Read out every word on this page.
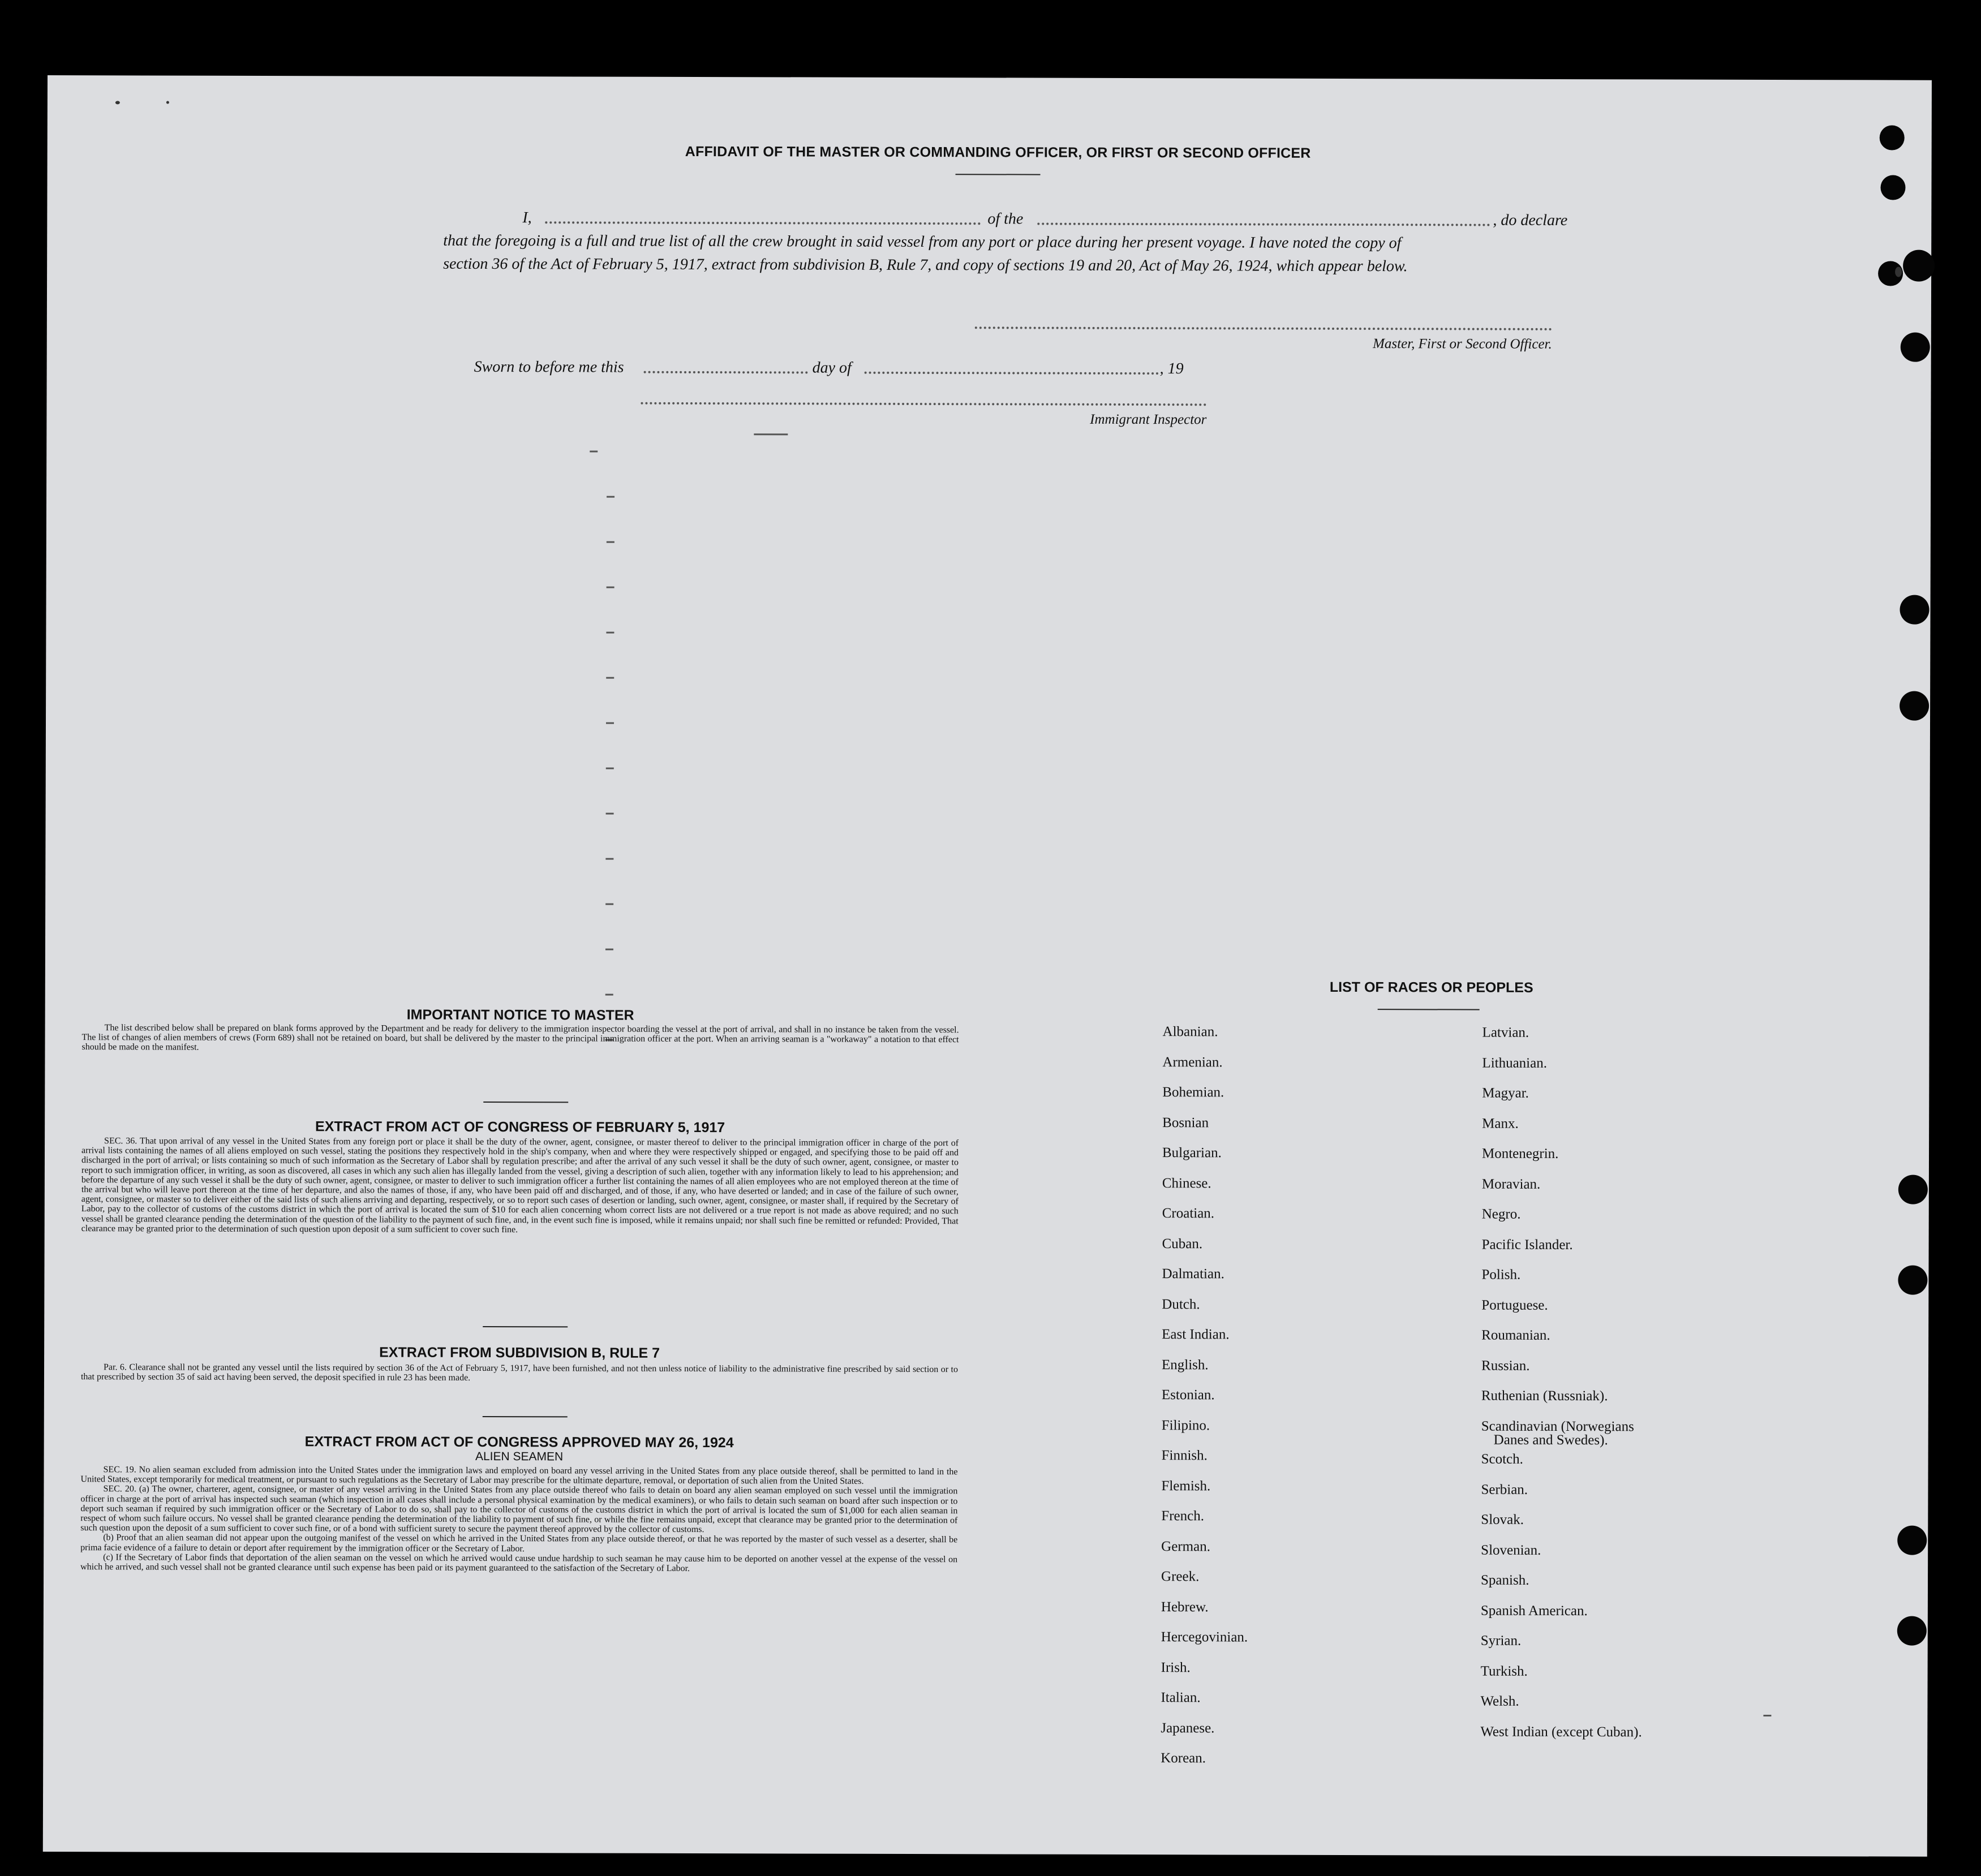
AFFIDAVIT OF THE MASTER OR COMMANDING OFFICER, OR FIRST OR SECOND OFFICER
I,	of the	, do declare
that the foregoing is a full and true list of all the crew brought in said vessel from any port or place during her present voyage. I have noted the copy of
section 36 of the Act of February 5, 1917, extract from subdivision B, Rule 7, and copy of sections 19 and 20, Act of May 26, 1924, which appear below.
Master, First or Second Officer.
Sworn to before me this	day of	, 19
Immigrant Inspector
LIST OF RACES OR PEOPLES
Albanian.
Armenian.
Bohemian.
Bosnian
Bulgarian.
Chinese.
Croatian.
Cuban.
Dalmatian.
Dutch.
East Indian.
English.
Estonian.
Filipino.
Finnish.
Flemish.
French.
German.
Greek.
Hebrew.
Hercegovinian.
Irish.
Italian.
Japanese.
Korean.
Latvian.
Lithuanian.
Magyar.
Manx.
Montenegrin.
Moravian.
Negro.
Pacific Islander.
Polish.
Portuguese.
Roumanian.
Russian.
Ruthenian (Russniak).
Scandinavian (Norwegians
Danes and Swedes).
Scotch.
Serbian.
Slovak.
Slovenian.
Spanish.
Spanish American.
Syrian.
Turkish.
Welsh.
West Indian (except Cuban).
IMPORTANT NOTICE TO MASTER
The list described below shall be prepared on blank forms approved by the Department and be ready for delivery to the immigration inspector boarding the vessel at the port of arrival, and shall in no instance be taken from the vessel. The list of changes of alien members of crews (Form 689) shall not be retained on board, but shall be delivered by the master to the principal immigration officer at the port. When an arriving seaman is a "workaway" a notation to that effect should be made on the manifest.
EXTRACT FROM ACT OF CONGRESS OF FEBRUARY 5, 1917
SEC. 36. That upon arrival of any vessel in the United States from any foreign port or place it shall be the duty of the owner, agent, consignee, or master thereof to deliver to the principal immigration officer in charge of the port of arrival lists containing the names of all aliens employed on such vessel, stating the positions they respectively hold in the ship's company, when and where they were respectively shipped or engaged, and specifying those to be paid off and discharged in the port of arrival; or lists containing so much of such information as the Secretary of Labor shall by regulation prescribe; and after the arrival of any such vessel it shall be the duty of such owner, agent, consignee, or master to report to such immigration officer, in writing, as soon as discovered, all cases in which any such alien has illegally landed from the vessel, giving a description of such alien, together with any information likely to lead to his apprehension; and before the departure of any such vessel it shall be the duty of such owner, agent, consignee, or master to deliver to such immigration officer a further list containing the names of all alien employees who are not employed thereon at the time of the arrival but who will leave port thereon at the time of her departure, and also the names of those, if any, who have been paid off and discharged, and of those, if any, who have deserted or landed; and in case of the failure of such owner, agent, consignee, or master so to deliver either of the said lists of such aliens arriving and departing, respectively, or so to report such cases of desertion or landing, such owner, agent, consignee, or master shall, if required by the Secretary of Labor, pay to the collector of customs of the customs district in which the port of arrival is located the sum of $10 for each alien concerning whom correct lists are not delivered or a true report is not made as above required; and no such vessel shall be granted clearance pending the determination of the question of the liability to the payment of such fine, and, in the event such fine is imposed, while it remains unpaid; nor shall such fine be remitted or refunded: Provided, That clearance may be granted prior to the determination of such question upon deposit of a sum sufficient to cover such fine.
EXTRACT FROM SUBDIVISION B, RULE 7
Par. 6. Clearance shall not be granted any vessel until the lists required by section 36 of the Act of February 5, 1917, have been furnished, and not then unless notice of liability to the administrative fine prescribed by said section or to that prescribed by section 35 of said act having been served, the deposit specified in rule 23 has been made.
EXTRACT FROM ACT OF CONGRESS APPROVED MAY 26, 1924
ALIEN SEAMEN

SEC. 19. No alien seaman excluded from admission into the United States under the immigration laws and employed on board any vessel arriving in the United States from any place outside thereof, shall be permitted to land in the United States, except temporarily for medical treatment, or pursuant to such regulations as the Secretary of Labor may prescribe for the ultimate departure, removal, or deportation of such alien from the United States.

SEC. 20. (a) The owner, charterer, agent, consignee, or master of any vessel arriving in the United States from any place outside thereof who fails to detain on board any alien seaman employed on such vessel until the immigration officer in charge at the port of arrival has inspected such seaman (which inspection in all cases shall include a personal physical examination by the medical examiners), or who fails to detain such seaman on board after such inspection or to deport such seaman if required by such immigration officer or the Secretary of Labor to do so, shall pay to the collector of customs of the customs district in which the port of arrival is located the sum of $1,000 for each alien seaman in respect of whom such failure occurs. No vessel shall be granted clearance pending the determination of the liability to payment of such fine, or while the fine remains unpaid, except that clearance may be granted prior to the determination of such question upon the deposit of a sum sufficient to cover such fine, or of a bond with sufficient surety to secure the payment thereof approved by the collector of customs.

(b) Proof that an alien seaman did not appear upon the outgoing manifest of the vessel on which he arrived in the United States from any place outside thereof, or that he was reported by the master of such vessel as a deserter, shall be prima facie evidence of a failure to detain or deport after requirement by the immigration officer or the Secretary of Labor.

(c) If the Secretary of Labor finds that deportation of the alien seaman on the vessel on which he arrived would cause undue hardship to such seaman he may cause him to be deported on another vessel at the expense of the vessel on which he arrived, and such vessel shall not be granted clearance until such expense has been paid or its payment guaranteed to the satisfaction of the Secretary of Labor.
